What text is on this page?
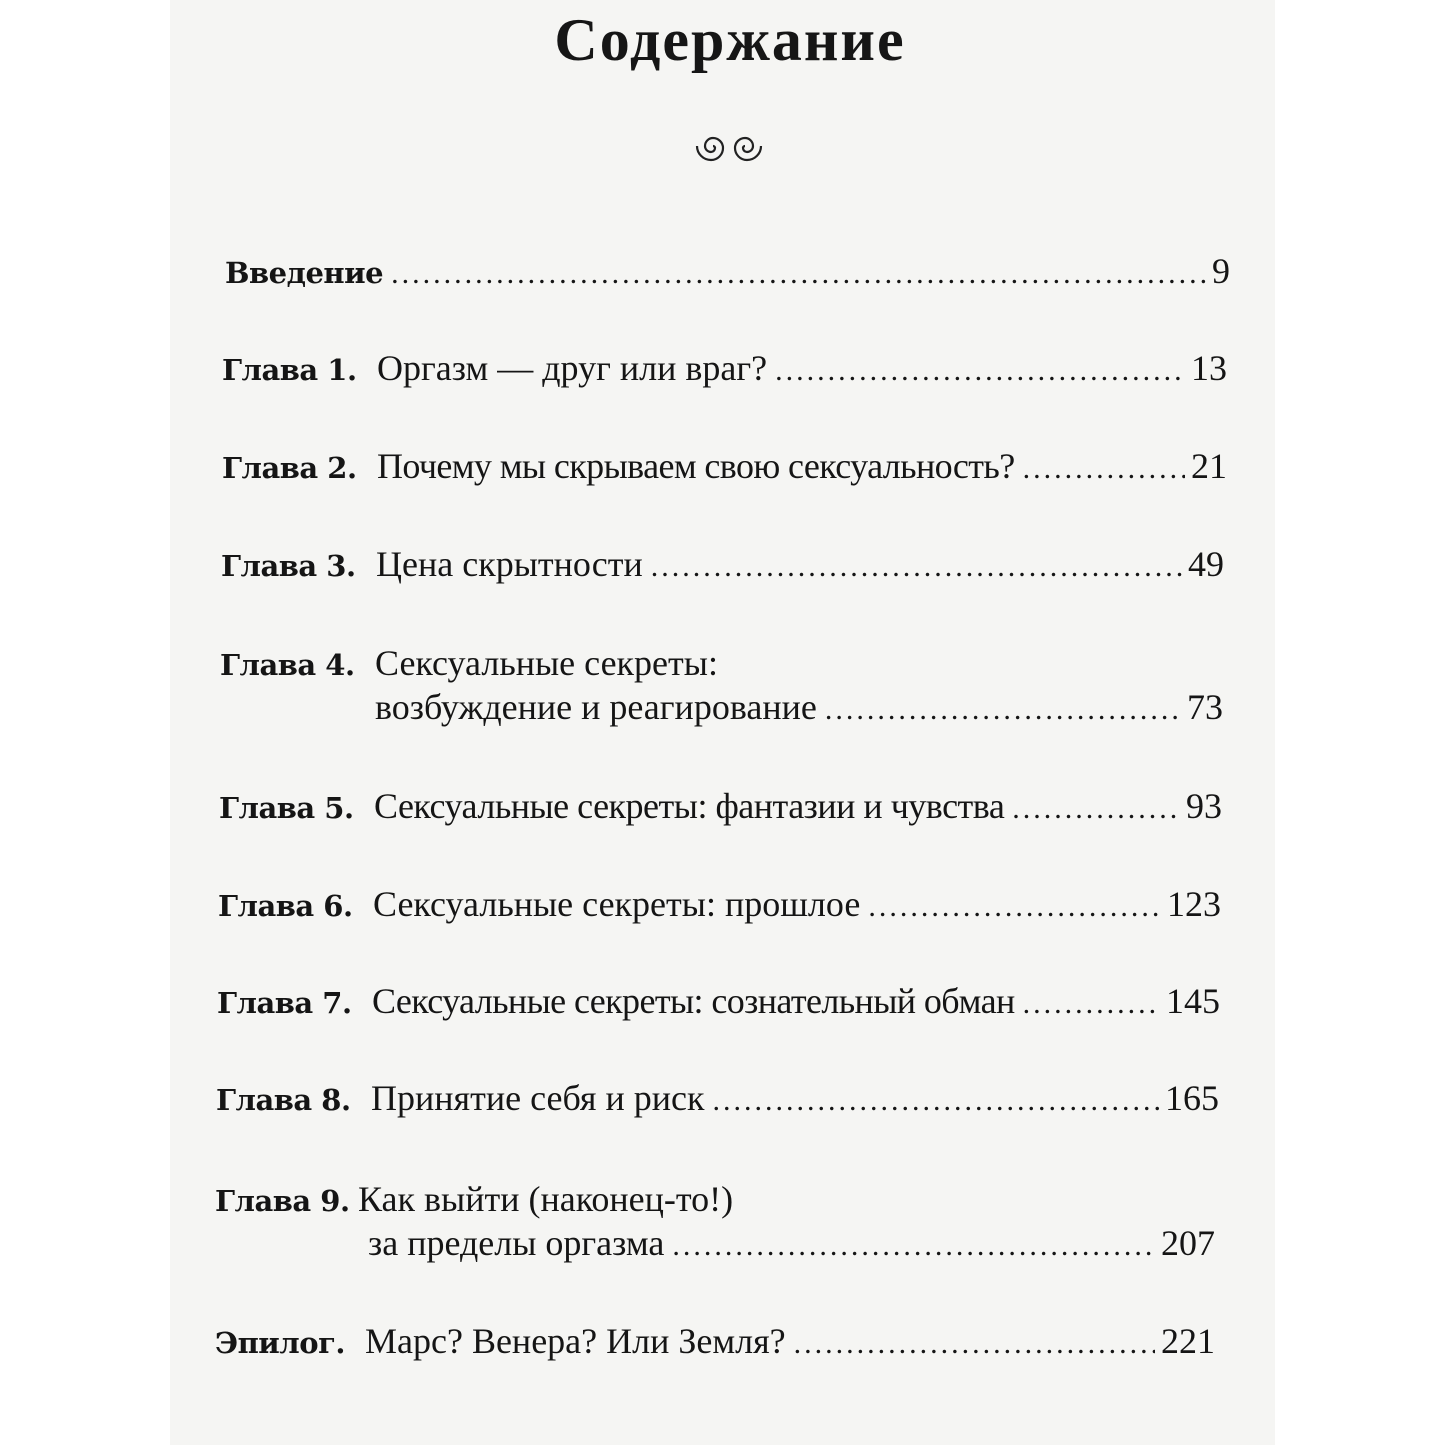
Содержание
Введение .....	9
Глава 1. Оргазм — друг или враг? .....	13
Глава 2. Почему мы скрываем свою сексуальность? .....	21
Глава 3. Цена скрытности .....	49
Глава 4. Сексуальные секреты:
возбуждение и реагирование .....	73
Глава 5. Сексуальные секреты: фантазии и чувства .....	93
Глава 6. Сексуальные секреты: прошлое .....	123
Глава 7. Сексуальные секреты: сознательный обман .....	145
Глава 8. Принятие себя и риск .....	165
Глава 9. Как выйти (наконец-то!)
за пределы оргазма .....	207
Эпилог. Марс? Венера? Или Земля? .....	221
